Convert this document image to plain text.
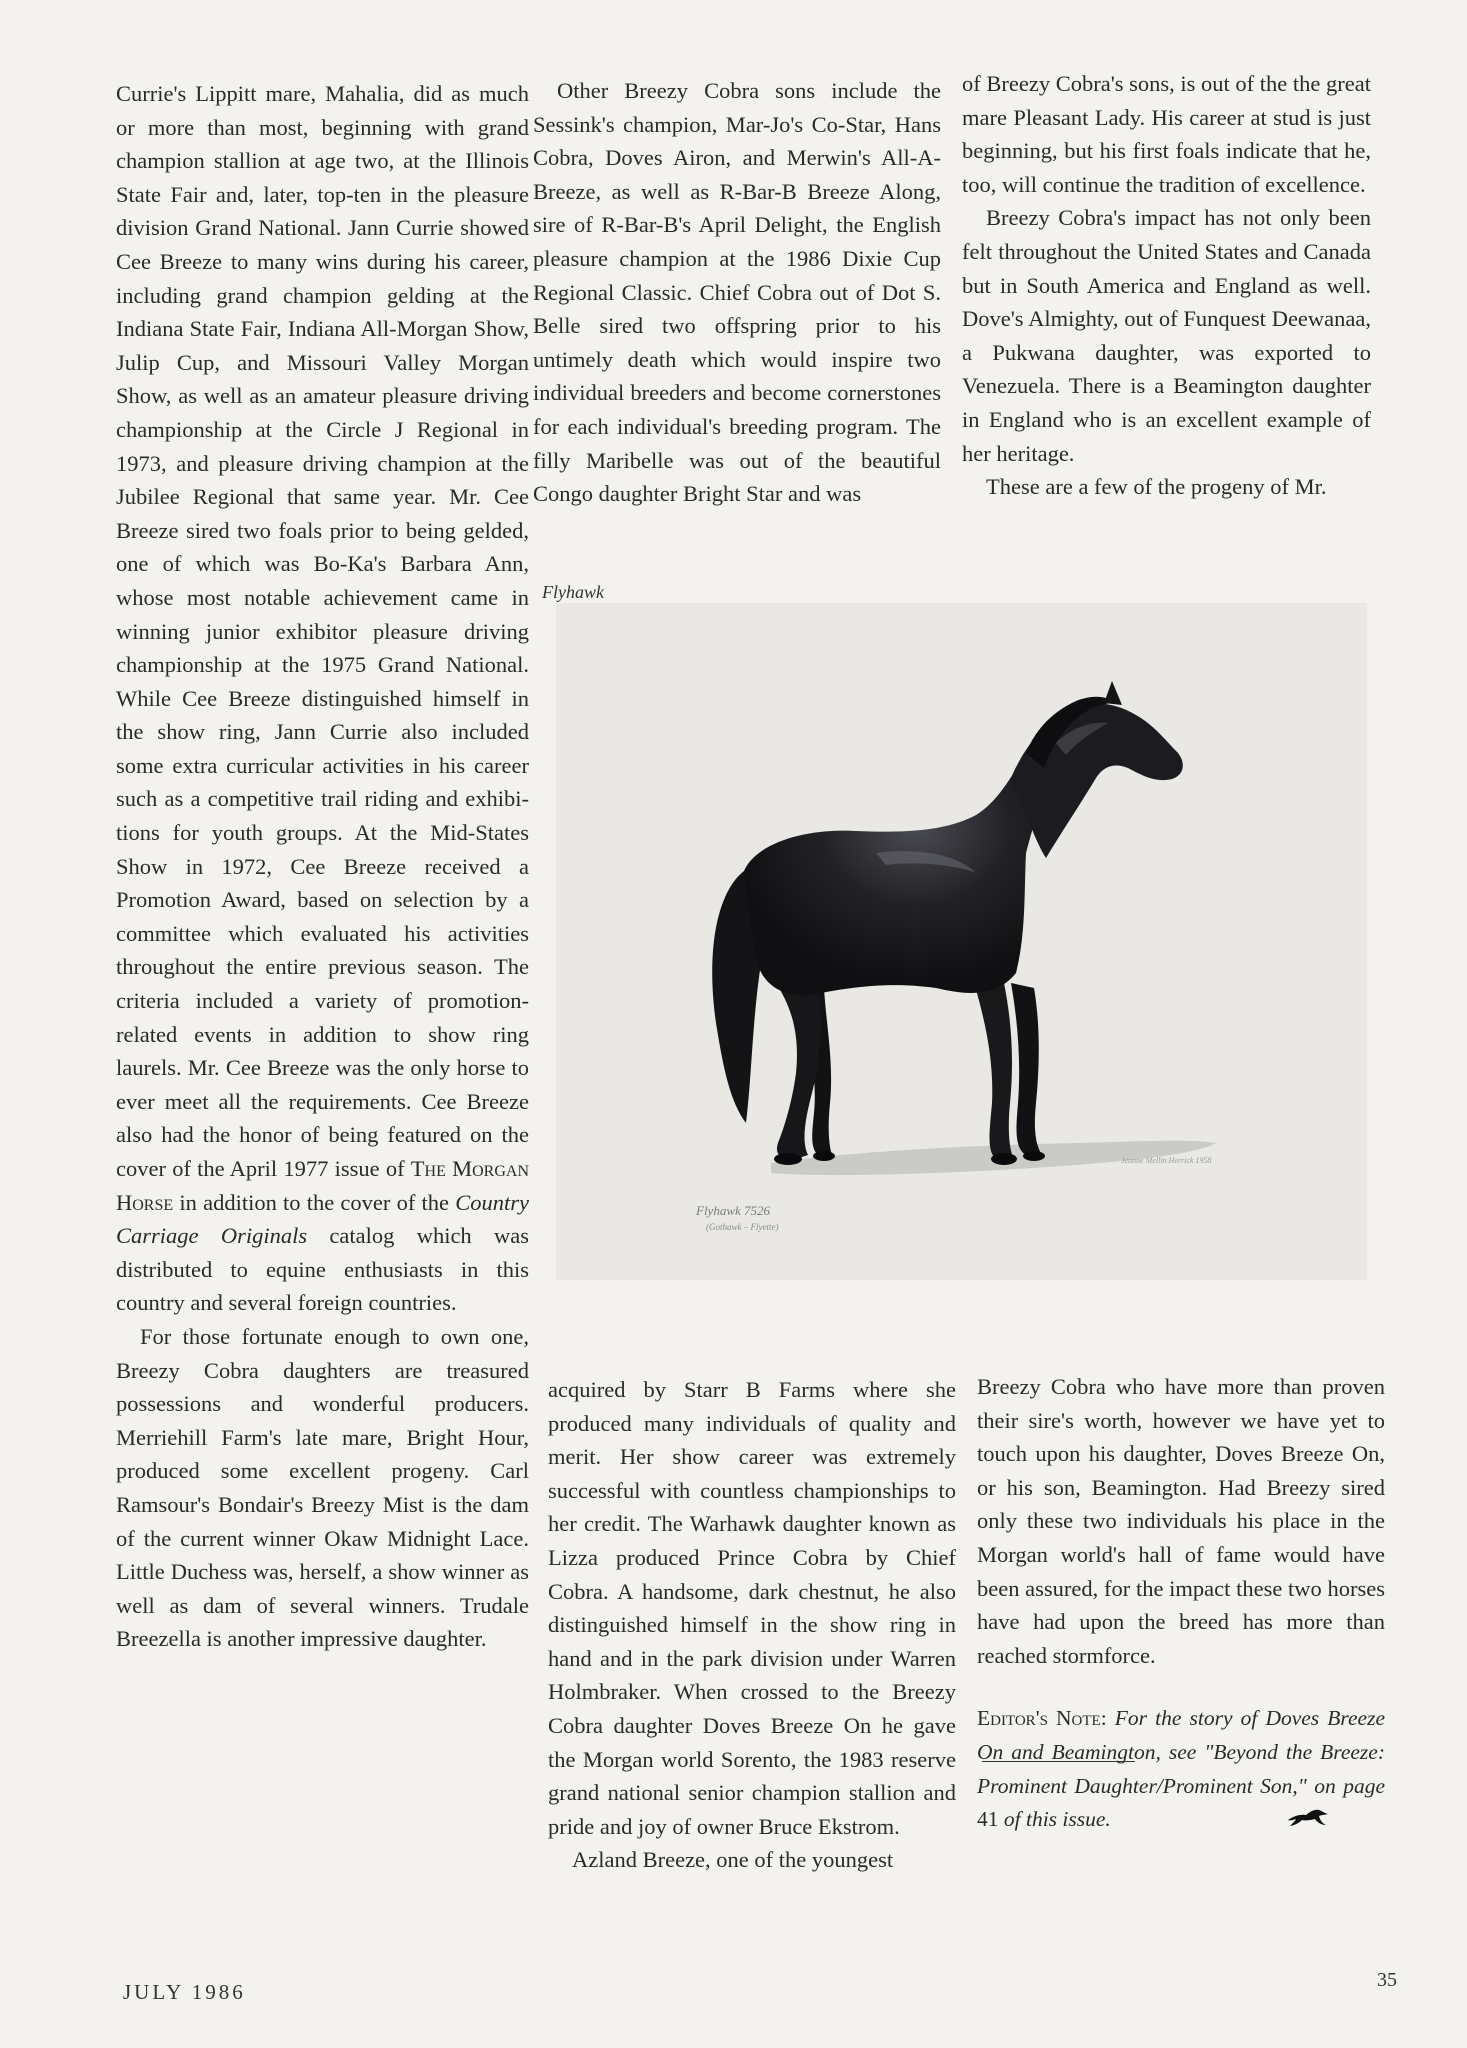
Currie's Lippitt mare, Mahalia, did as much or more than most, beginning with grand champion stallion at age two, at the Illinois State Fair and, later, top-ten in the pleasure division Grand National. Jann Currie showed Cee Breeze to many wins during his career, including grand champion gelding at the Indiana State Fair, Indiana All-Morgan Show, Julip Cup, and Missouri Valley Morgan Show, as well as an amateur pleasure driving championship at the Circle J Regional in 1973, and pleasure driving champion at the Jubilee Regional that same year. Mr. Cee Breeze sired two foals prior to being gelded, one of which was Bo-Ka's Barbara Ann, whose most notable achievement came in winning junior exhibitor pleasure driving championship at the 1975 Grand National. While Cee Breeze distinguished himself in the show ring, Jann Currie also included some extra curricular activities in his career such as a competitive trail riding and exhibitions for youth groups. At the Mid-States Show in 1972, Cee Breeze received a Promotion Award, based on selection by a committee which evaluated his activities throughout the entire previous season. The criteria included a variety of promotion-related events in addition to show ring laurels. Mr. Cee Breeze was the only horse to ever meet all the requirements. Cee Breeze also had the honor of being featured on the cover of the April 1977 issue of The Morgan Horse in addition to the cover of the Country Carriage Originals catalog which was distributed to equine enthusiasts in this country and several foreign countries.

For those fortunate enough to own one, Breezy Cobra daughters are treasured possessions and wonderful producers. Merriehill Farm's late mare, Bright Hour, produced some excellent progeny. Carl Ramsour's Bondair's Breezy Mist is the dam of the current winner Okaw Midnight Lace. Little Duchess was, herself, a show winner as well as dam of several winners. Trudale Breezella is another impressive daughter.

Other Breezy Cobra sons include the Sessink's champion, Mar-Jo's Co-Star, Hans Cobra, Doves Airon, and Merwin's All-A-Breeze, as well as R-Bar-B Breeze Along, sire of R-Bar-B's April Delight, the English pleasure champion at the 1986 Dixie Cup Regional Classic. Chief Cobra out of Dot S. Belle sired two offspring prior to his untimely death which would inspire two individual breeders and become cornerstones for each individual's breeding program. The filly Maribelle was out of the beautiful Congo daughter Bright Star and was

of Breezy Cobra's sons, is out of the the great mare Pleasant Lady. His career at stud is just beginning, but his first foals indicate that he, too, will continue the tradition of excellence.

Breezy Cobra's impact has not only been felt throughout the United States and Canada but in South America and England as well. Dove's Almighty, out of Funquest Deewanaa, a Pukwana daughter, was exported to Venezuela. There is a Beamington daughter in England who is an excellent example of her heritage.

These are a few of the progeny of Mr.

Flyhawk
Flyhawk 7526
(Gothawk – Flyette)
Jeanne Mellin Herrick 1958

acquired by Starr B Farms where she produced many individuals of quality and merit. Her show career was extremely successful with countless championships to her credit. The Warhawk daughter known as Lizza produced Prince Cobra by Chief Cobra. A handsome, dark chestnut, he also distinguished himself in the show ring in hand and in the park division under Warren Holmbraker. When crossed to the Breezy Cobra daughter Doves Breeze On he gave the Morgan world Sorento, the 1983 reserve grand national senior champion stallion and pride and joy of owner Bruce Ekstrom.

Azland Breeze, one of the youngest

Breezy Cobra who have more than proven their sire's worth, however we have yet to touch upon his daughter, Doves Breeze On, or his son, Beamington. Had Breezy sired only these two individuals his place in the Morgan world's hall of fame would have been assured, for the impact these two horses have had upon the breed has more than reached stormforce.

Editor's Note: For the story of Doves Breeze On and Beamington, see "Beyond the Breeze: Prominent Daughter/Prominent Son," on page 41 of this issue.

JULY 1986	35
